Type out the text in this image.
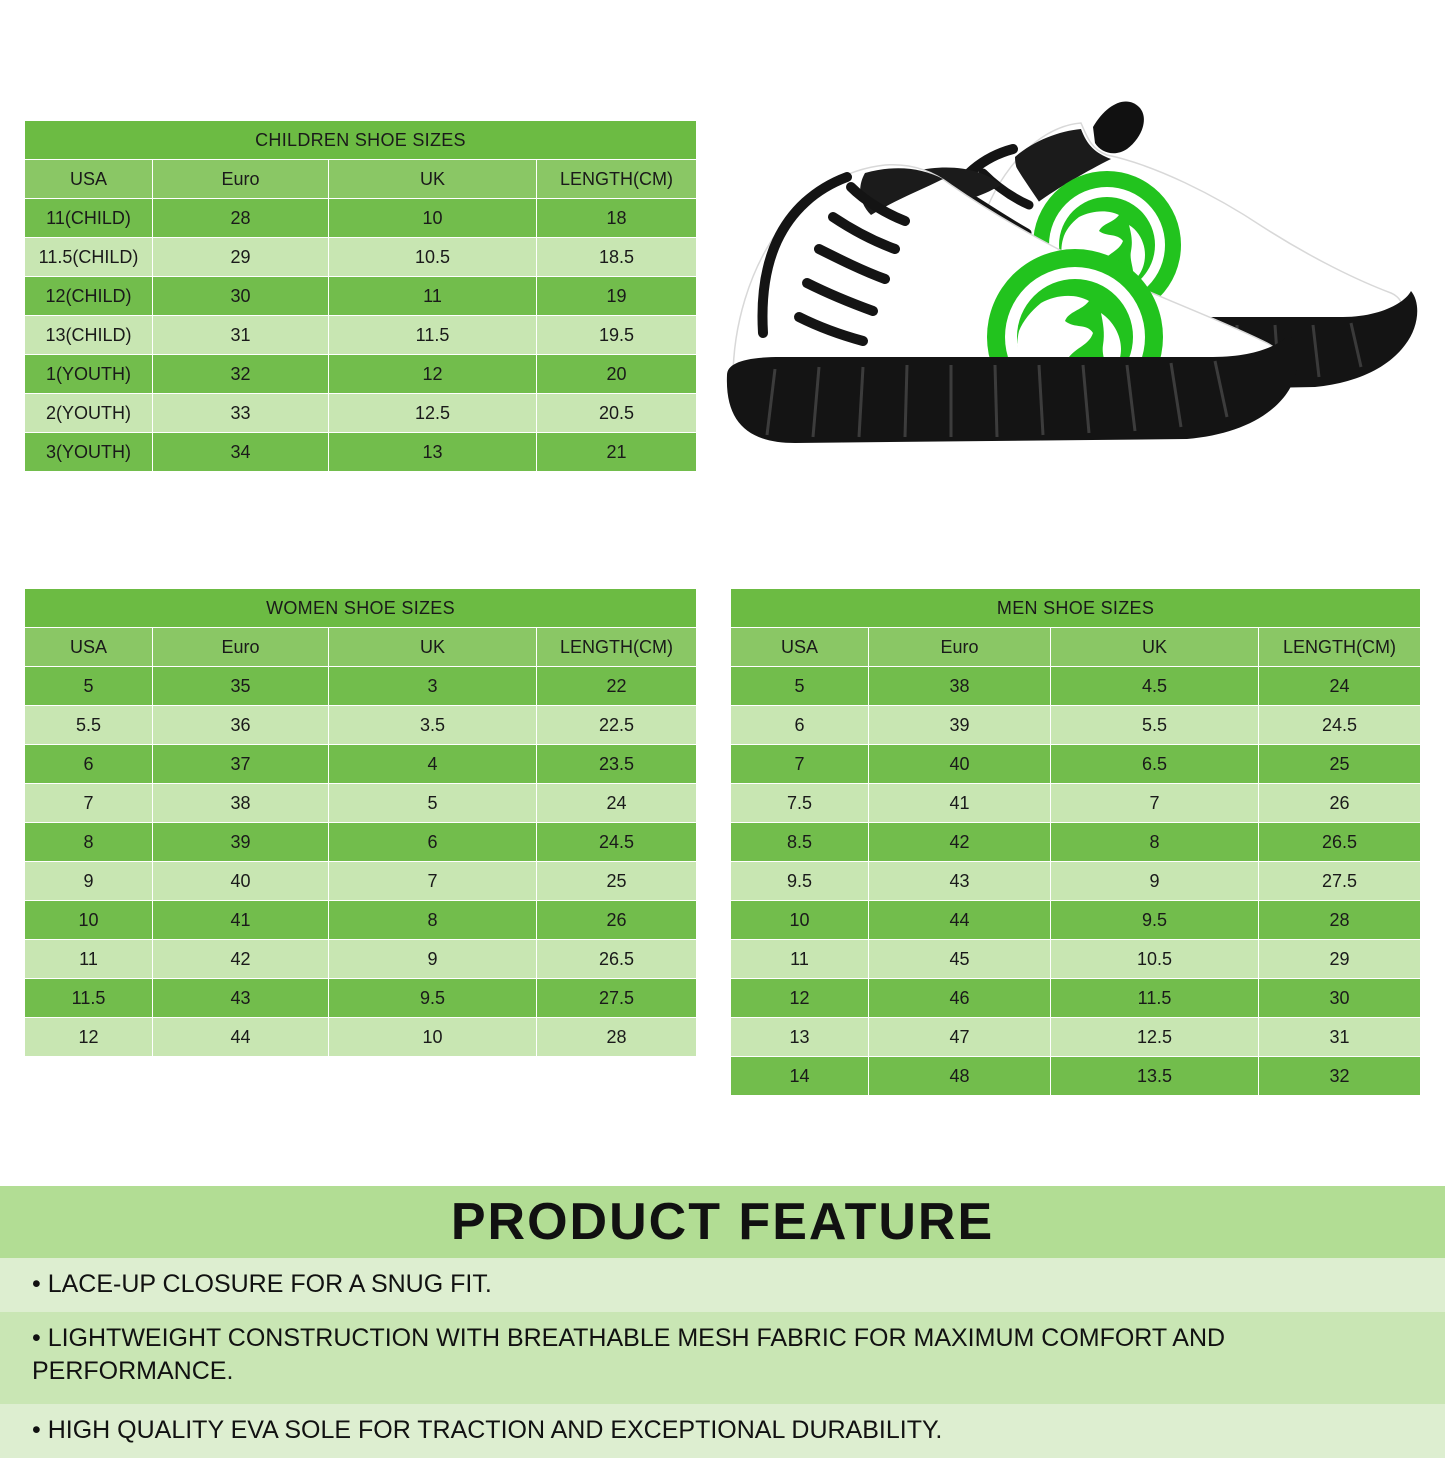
CHILDREN SHOE SIZES			
USA	Euro	UK	LENGTH(CM)
11(CHILD)	28	10	18
11.5(CHILD)	29	10.5	18.5
12(CHILD)	30	11	19
13(CHILD)	31	11.5	19.5
1(YOUTH)	32	12	20
2(YOUTH)	33	12.5	20.5
3(YOUTH)	34	13	21
WOMEN SHOE SIZES			
USA	Euro	UK	LENGTH(CM)
5	35	3	22
5.5	36	3.5	22.5
6	37	4	23.5
7	38	5	24
8	39	6	24.5
9	40	7	25
10	41	8	26
11	42	9	26.5
11.5	43	9.5	27.5
12	44	10	28
MEN SHOE SIZES			
USA	Euro	UK	LENGTH(CM)
5	38	4.5	24
6	39	5.5	24.5
7	40	6.5	25
7.5	41	7	26
8.5	42	8	26.5
9.5	43	9	27.5
10	44	9.5	28
11	45	10.5	29
12	46	11.5	30
13	47	12.5	31
14	48	13.5	32
PRODUCT FEATURE
• LACE-UP CLOSURE FOR A SNUG FIT.
• LIGHTWEIGHT CONSTRUCTION WITH BREATHABLE MESH FABRIC FOR MAXIMUM COMFORT AND PERFORMANCE.
• HIGH QUALITY EVA SOLE FOR TRACTION AND EXCEPTIONAL DURABILITY.
